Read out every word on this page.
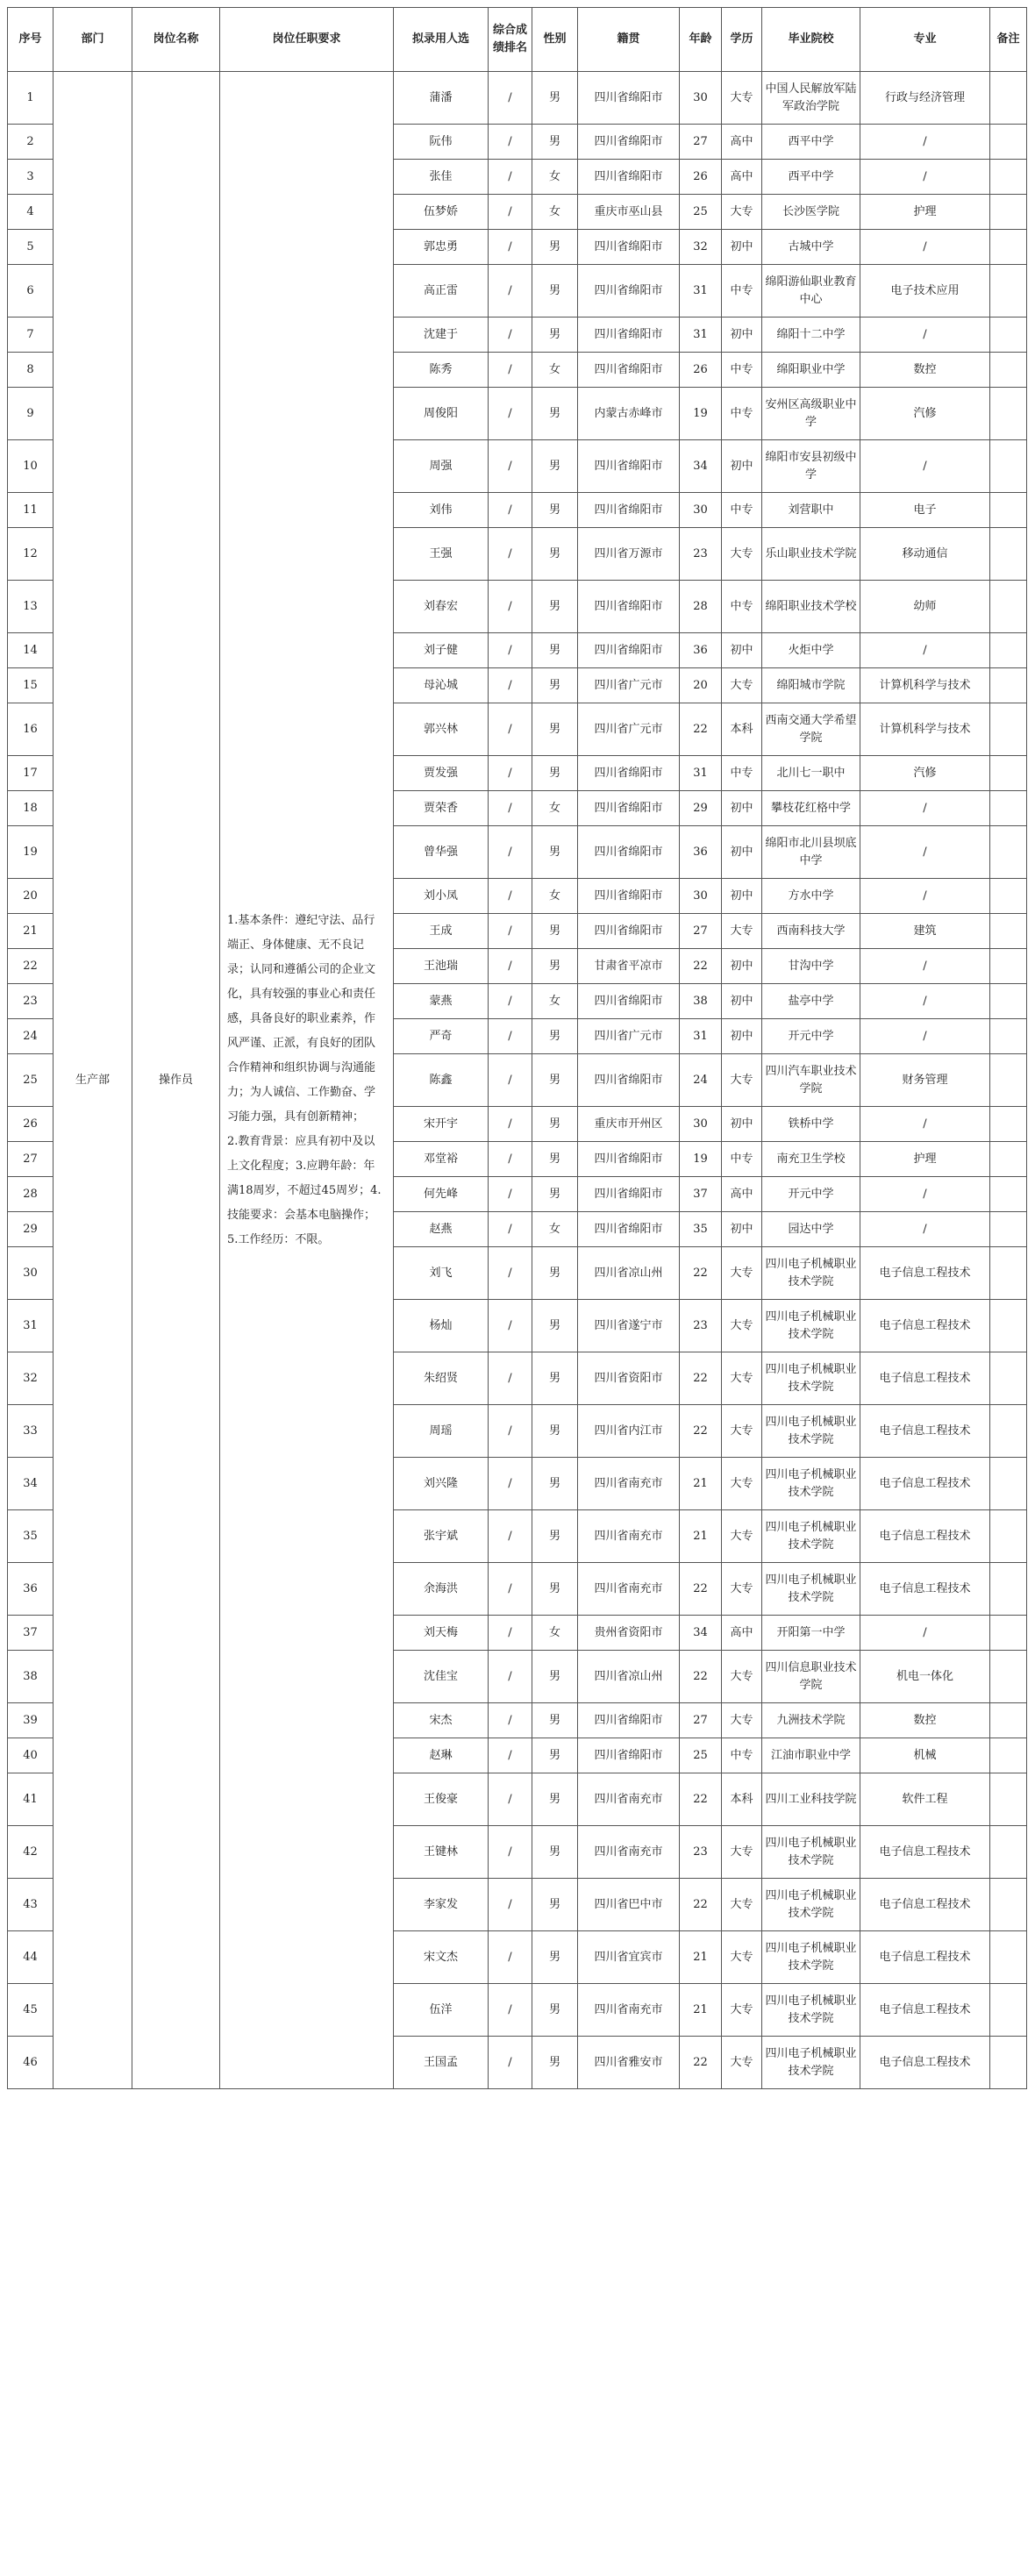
序号	部门	岗位名称	岗位任职要求	拟录用人选	综合成绩排名	性别	籍贯	年龄	学历	毕业院校	专业	备注
1	生产部	操作员	1.基本条件：遵纪守法、品行端正、身体健康、无不良记录；认同和遵循公司的企业文化，具有较强的事业心和责任感，具备良好的职业素养，作风严谨、正派，有良好的团队合作精神和组织协调与沟通能力；为人诚信、工作勤奋、学习能力强，具有创新精神；　　2.教育背景：应具有初中及以上文化程度；3.应聘年龄：年满18周岁，不超过45周岁；4.技能要求：会基本电脑操作；5.工作经历：不限。	蒲潘	/	男	四川省绵阳市	30	大专	中国人民解放军陆军政治学院	行政与经济管理	
2				阮伟	/	男	四川省绵阳市	27	高中	西平中学	/	
3				张佳	/	女	四川省绵阳市	26	高中	西平中学	/	
4				伍梦娇	/	女	重庆市巫山县	25	大专	长沙医学院	护理	
5				郭忠勇	/	男	四川省绵阳市	32	初中	古城中学	/	
6				高正雷	/	男	四川省绵阳市	31	中专	绵阳游仙职业教育中心	电子技术应用	
7				沈建于	/	男	四川省绵阳市	31	初中	绵阳十二中学	/	
8				陈秀	/	女	四川省绵阳市	26	中专	绵阳职业中学	数控	
9				周俊阳	/	男	内蒙古赤峰市	19	中专	安州区高级职业中学	汽修	
10				周强	/	男	四川省绵阳市	34	初中	绵阳市安县初级中学	/	
11				刘伟	/	男	四川省绵阳市	30	中专	刘营职中	电子	
12				王强	/	男	四川省万源市	23	大专	乐山职业技术学院	移动通信	
13				刘春宏	/	男	四川省绵阳市	28	中专	绵阳职业技术学校	幼师	
14				刘子健	/	男	四川省绵阳市	36	初中	火炬中学	/	
15				母沁城	/	男	四川省广元市	20	大专	绵阳城市学院	计算机科学与技术	
16				郭兴林	/	男	四川省广元市	22	本科	西南交通大学希望学院	计算机科学与技术	
17				贾发强	/	男	四川省绵阳市	31	中专	北川七一职中	汽修	
18				贾荣香	/	女	四川省绵阳市	29	初中	攀枝花红格中学	/	
19				曾华强	/	男	四川省绵阳市	36	初中	绵阳市北川县坝底中学	/	
20				刘小凤	/	女	四川省绵阳市	30	初中	方水中学	/	
21				王成	/	男	四川省绵阳市	27	大专	西南科技大学	建筑	
22				王池瑞	/	男	甘肃省平凉市	22	初中	甘沟中学	/	
23				蒙燕	/	女	四川省绵阳市	38	初中	盐亭中学	/	
24				严奇	/	男	四川省广元市	31	初中	开元中学	/	
25				陈鑫	/	男	四川省绵阳市	24	大专	四川汽车职业技术学院	财务管理	
26				宋开宇	/	男	重庆市开州区	30	初中	铁桥中学	/	
27				邓堂裕	/	男	四川省绵阳市	19	中专	南充卫生学校	护理	
28				何先峰	/	男	四川省绵阳市	37	高中	开元中学	/	
29				赵燕	/	女	四川省绵阳市	35	初中	园达中学	/	
30				刘飞	/	男	四川省凉山州	22	大专	四川电子机械职业技术学院	电子信息工程技术	
31				杨灿	/	男	四川省遂宁市	23	大专	四川电子机械职业技术学院	电子信息工程技术	
32				朱绍贤	/	男	四川省资阳市	22	大专	四川电子机械职业技术学院	电子信息工程技术	
33				周瑶	/	男	四川省内江市	22	大专	四川电子机械职业技术学院	电子信息工程技术	
34				刘兴隆	/	男	四川省南充市	21	大专	四川电子机械职业技术学院	电子信息工程技术	
35				张宇斌	/	男	四川省南充市	21	大专	四川电子机械职业技术学院	电子信息工程技术	
36				余海洪	/	男	四川省南充市	22	大专	四川电子机械职业技术学院	电子信息工程技术	
37				刘天梅	/	女	贵州省资阳市	34	高中	开阳第一中学	/	
38				沈佳宝	/	男	四川省凉山州	22	大专	四川信息职业技术学院	机电一体化	
39				宋杰	/	男	四川省绵阳市	27	大专	九洲技术学院	数控	
40				赵琳	/	男	四川省绵阳市	25	中专	江油市职业中学	机械	
41				王俊豪	/	男	四川省南充市	22	本科	四川工业科技学院	软件工程	
42				王键林	/	男	四川省南充市	23	大专	四川电子机械职业技术学院	电子信息工程技术	
43				李家发	/	男	四川省巴中市	22	大专	四川电子机械职业技术学院	电子信息工程技术	
44				宋文杰	/	男	四川省宜宾市	21	大专	四川电子机械职业技术学院	电子信息工程技术	
45				伍洋	/	男	四川省南充市	21	大专	四川电子机械职业技术学院	电子信息工程技术	
46				王国孟	/	男	四川省雅安市	22	大专	四川电子机械职业技术学院	电子信息工程技术	
